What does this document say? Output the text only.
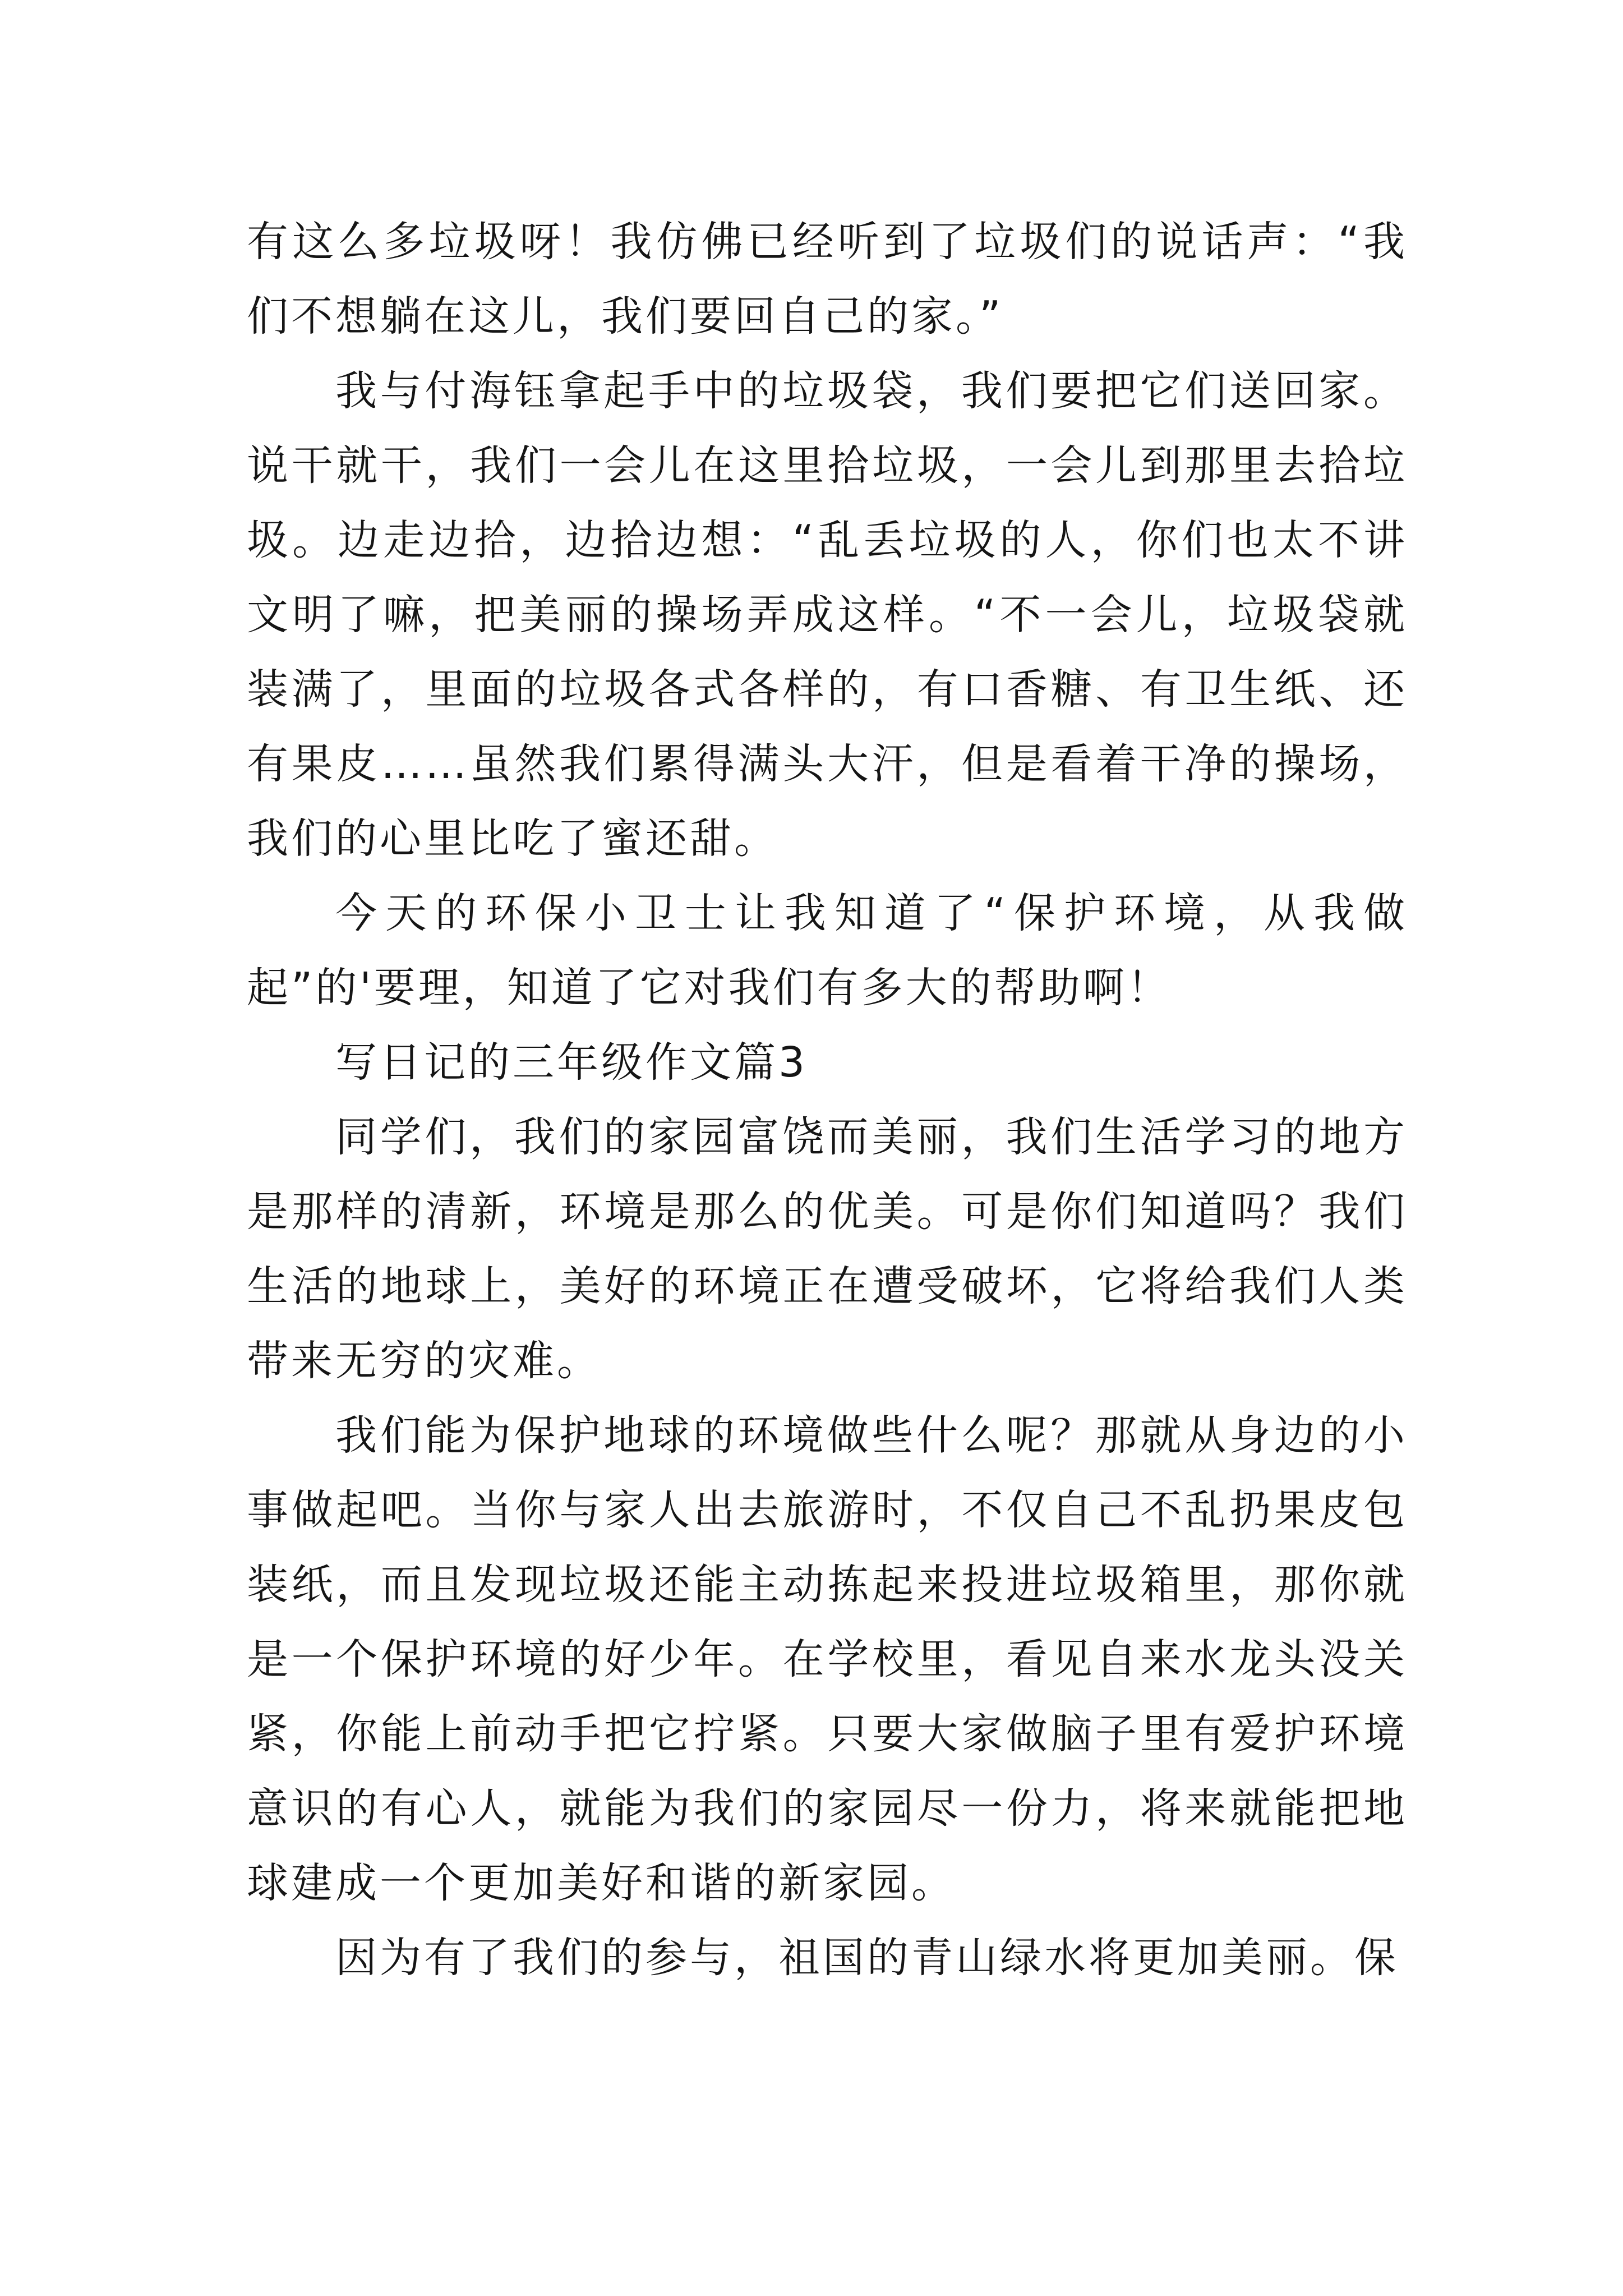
有这么多垃圾呀！我仿佛已经听到了垃圾们的说话声：“我们不想躺在这儿，我们要回自己的家。”

我与付海钰拿起手中的垃圾袋，我们要把它们送回家。说干就干，我们一会儿在这里拾垃圾，一会儿到那里去拾垃圾。边走边拾，边拾边想：“乱丢垃圾的人，你们也太不讲文明了嘛，把美丽的操场弄成这样。“不一会儿，垃圾袋就装满了，里面的垃圾各式各样的，有口香糖、有卫生纸、还有果皮……虽然我们累得满头大汗，但是看着干净的操场，我们的心里比吃了蜜还甜。

今天的环保小卫士让我知道了“保护环境，从我做起”的'要理，知道了它对我们有多大的帮助啊！

写日记的三年级作文篇3

同学们，我们的家园富饶而美丽，我们生活学习的地方是那样的清新，环境是那么的优美。可是你们知道吗？我们生活的地球上，美好的环境正在遭受破坏，它将给我们人类带来无穷的灾难。

我们能为保护地球的环境做些什么呢？那就从身边的小事做起吧。当你与家人出去旅游时，不仅自己不乱扔果皮包装纸，而且发现垃圾还能主动拣起来投进垃圾箱里，那你就是一个保护环境的好少年。在学校里，看见自来水龙头没关紧，你能上前动手把它拧紧。只要大家做脑子里有爱护环境意识的有心人，就能为我们的家园尽一份力，将来就能把地球建成一个更加美好和谐的新家园。

因为有了我们的参与，祖国的青山绿水将更加美丽。保
